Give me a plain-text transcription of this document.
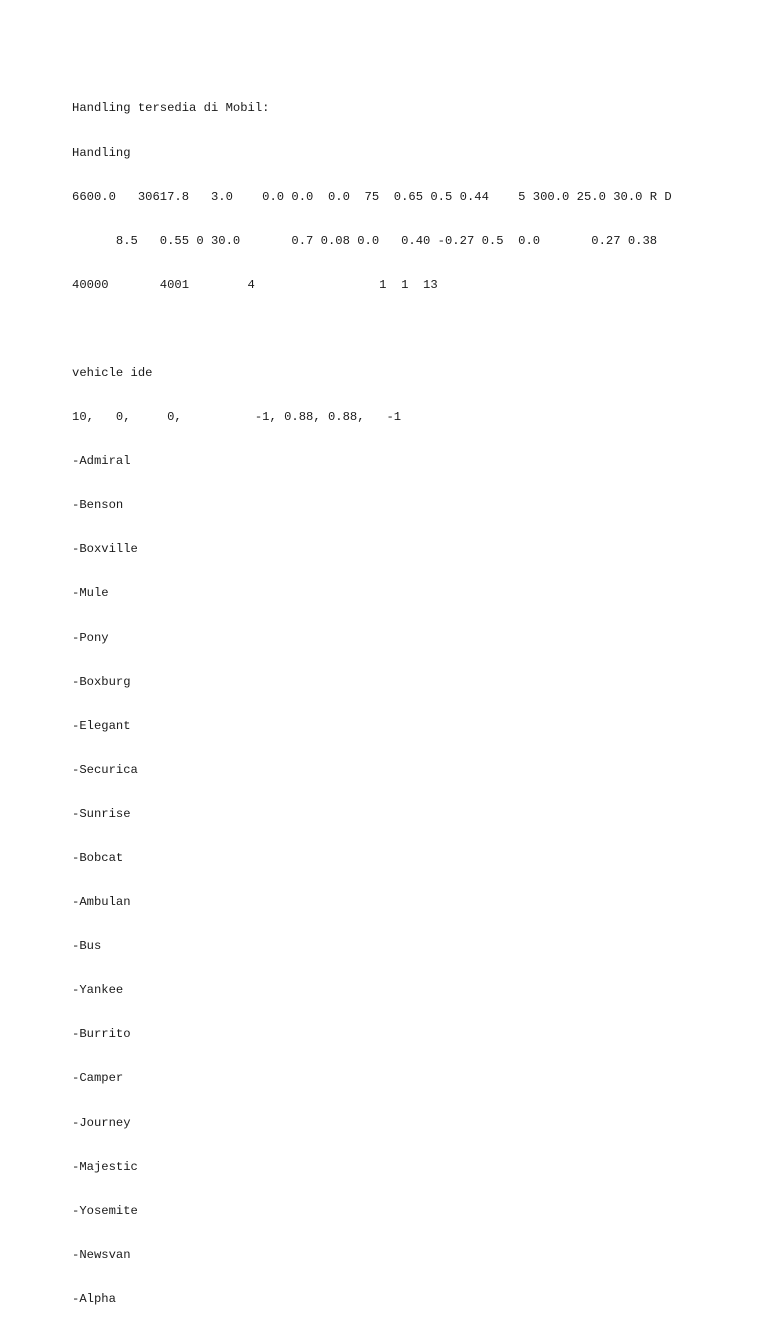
Handling tersedia di Mobil:

Handling

6600.0   30617.8   3.0    0.0 0.0  0.0  75  0.65 0.5 0.44    5 300.0 25.0 30.0 R D

8.5   0.55 0 30.0       0.7 0.08 0.0   0.40 -0.27 0.5  0.0       0.27 0.38

40000       4001        4                 1  1  13

vehicle ide

10,   0,     0,          -1, 0.88, 0.88,   -1

-Admiral

-Benson

-Boxville

-Mule

-Pony

-Boxburg

-Elegant

-Securica

-Sunrise

-Bobcat

-Ambulan

-Bus

-Yankee

-Burrito

-Camper

-Journey

-Majestic

-Yosemite

-Newsvan

-Alpha
